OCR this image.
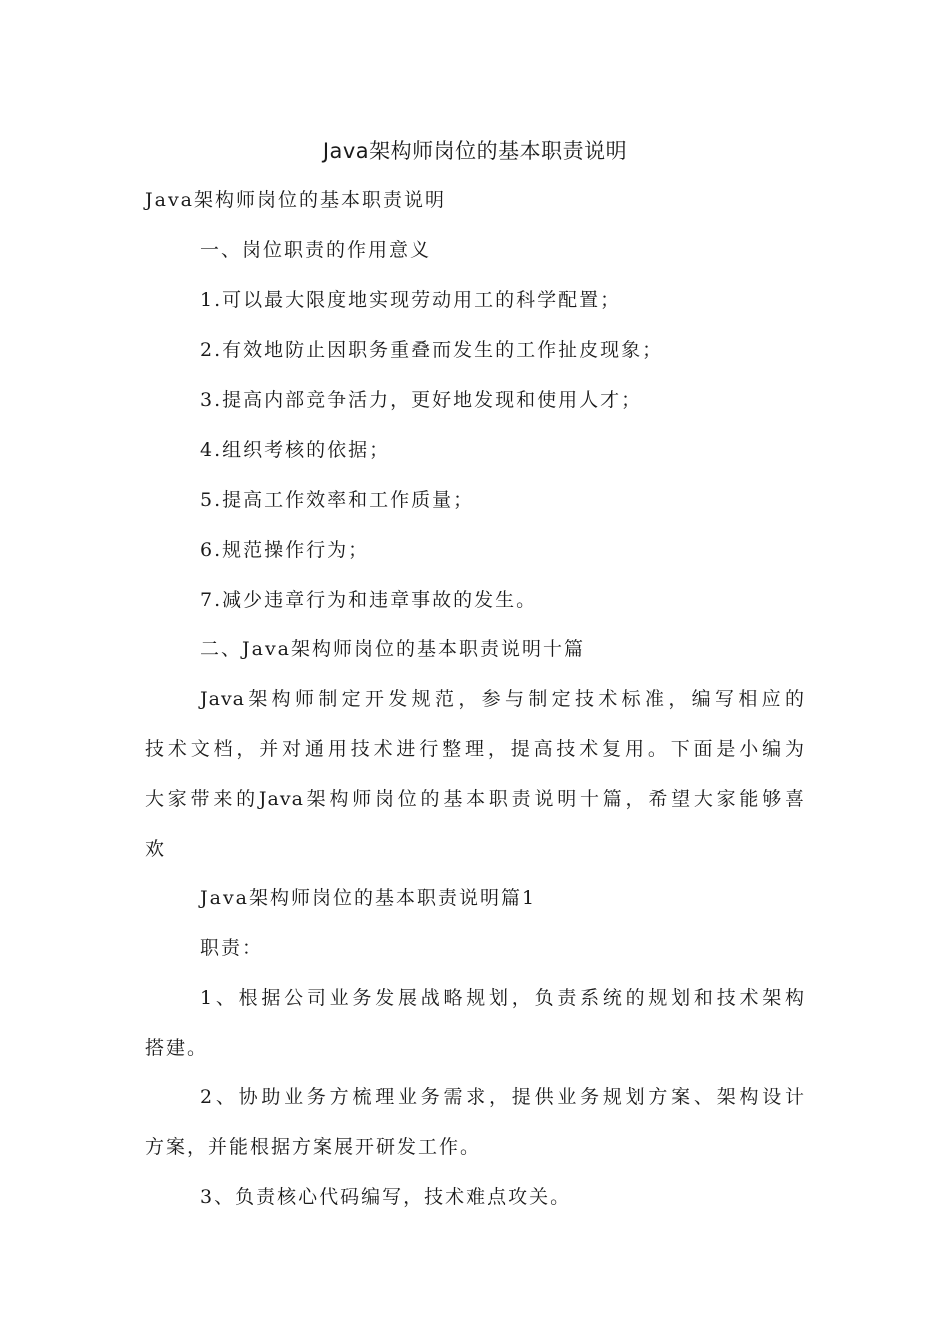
Java架构师岗位的基本职责说明
Java架构师岗位的基本职责说明
一、岗位职责的作用意义
1.可以最大限度地实现劳动用工的科学配置；
2.有效地防止因职务重叠而发生的工作扯皮现象；
3.提高内部竞争活力，更好地发现和使用人才；
4.组织考核的依据；
5.提高工作效率和工作质量；
6.规范操作行为；
7.减少违章行为和违章事故的发生。
二、Java架构师岗位的基本职责说明十篇
Java架构师制定开发规范，参与制定技术标准，编写相应的
技术文档，并对通用技术进行整理，提高技术复用。下面是小编为
大家带来的Java架构师岗位的基本职责说明十篇，希望大家能够喜
欢
Java架构师岗位的基本职责说明篇1
职责：
1、根据公司业务发展战略规划，负责系统的规划和技术架构
搭建。
2、协助业务方梳理业务需求，提供业务规划方案、架构设计
方案，并能根据方案展开研发工作。
3、负责核心代码编写，技术难点攻关。
